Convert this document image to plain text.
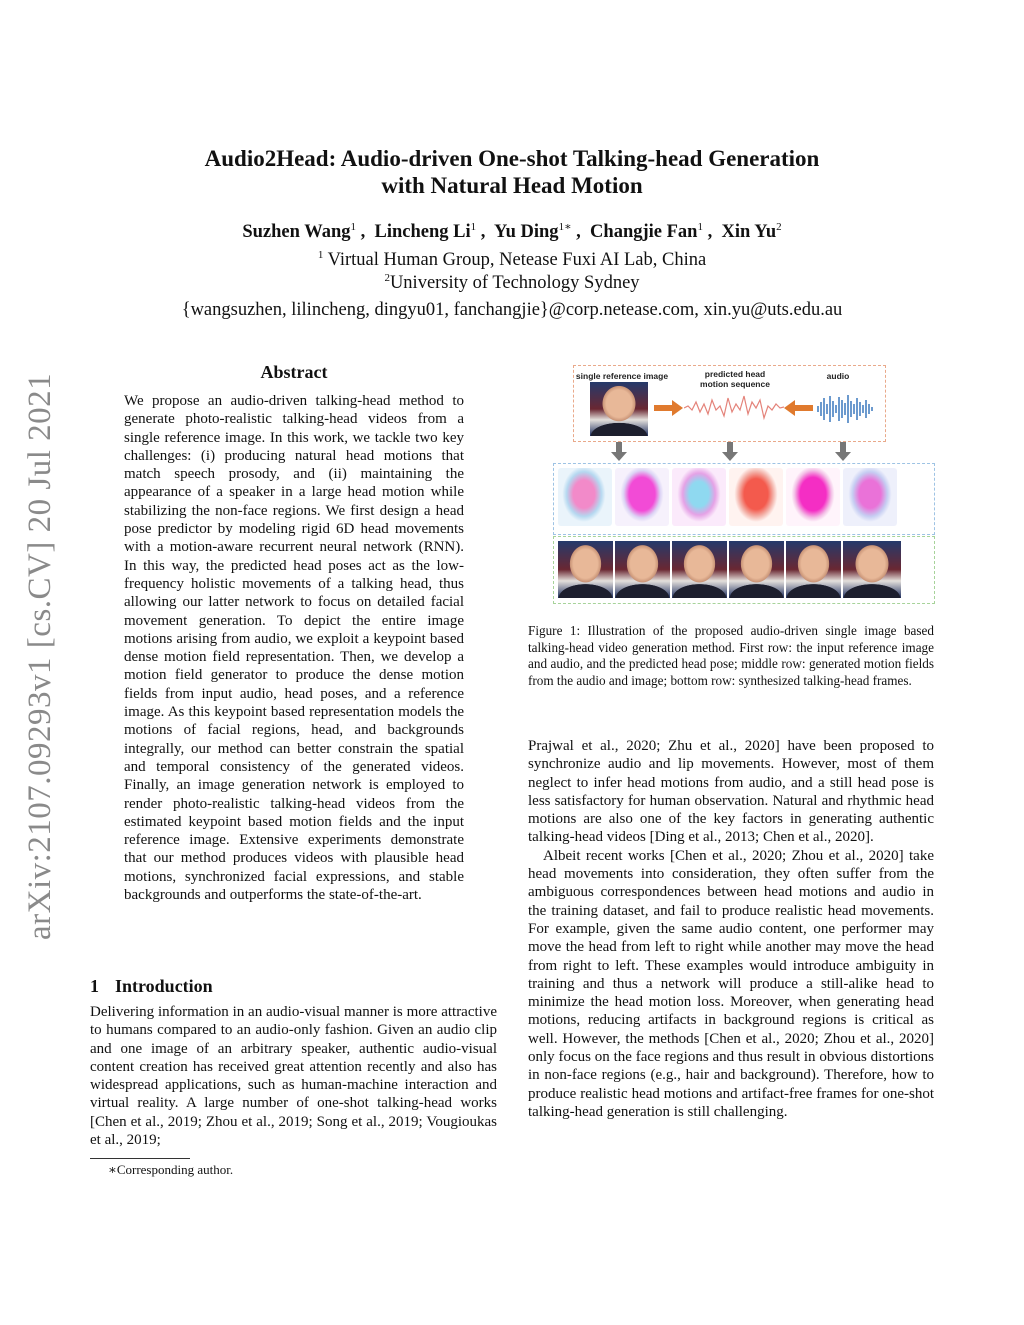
arXiv:2107.09293v1 [cs.CV] 20 Jul 2021
Audio2Head: Audio-driven One-shot Talking-head Generation
with Natural Head Motion
Suzhen Wang$^1$ ,  Lincheng Li$^1$ ,  Yu Ding$^{1∗}$ ,  Changjie Fan$^1$ ,  Xin Yu$^2$
$^1$ Virtual Human Group, Netease Fuxi AI Lab, China
$^2$University of Technology Sydney
{wangsuzhen, lilincheng, dingyu01, fanchangjie}@corp.netease.com, xin.yu@uts.edu.au
Abstract
We propose an audio-driven talking-head method to generate photo-realistic talking-head videos from a single reference image. In this work, we tackle two key challenges: (i) producing natural head motions that match speech prosody, and (ii) maintaining the appearance of a speaker in a large head motion while stabilizing the non-face regions. We first design a head pose predictor by modeling rigid 6D head movements with a motion-aware recurrent neural network (RNN). In this way, the predicted head poses act as the low-frequency holistic movements of a talking head, thus allowing our latter network to focus on detailed facial movement generation. To depict the entire image motions arising from audio, we exploit a keypoint based dense motion field representation. Then, we develop a motion field generator to produce the dense motion fields from input audio, head poses, and a reference image. As this keypoint based representation models the motions of facial regions, head, and backgrounds integrally, our method can better constrain the spatial and temporal consistency of the generated videos. Finally, an image generation network is employed to render photo-realistic talking-head videos from the estimated keypoint based motion fields and the input reference image. Extensive experiments demonstrate that our method produces videos with plausible head motions, synchronized facial expressions, and stable backgrounds and outperforms the state-of-the-art.
1 Introduction
Delivering information in an audio-visual manner is more attractive to humans compared to an audio-only fashion. Given an audio clip and one image of an arbitrary speaker, authentic audio-visual content creation has received great attention recently and also has widespread applications, such as human-machine interaction and virtual reality. A large number of one-shot talking-head works [Chen et al., 2019; Zhou et al., 2019; Song et al., 2019; Vougioukas et al., 2019;
∗Corresponding author.
single reference image	predicted head
motion sequence
audio
Figure 1: Illustration of the proposed audio-driven single image based talking-head video generation method. First row: the input reference image and audio, and the predicted head pose; middle row: generated motion fields from the audio and image; bottom row: synthesized talking-head frames.
Prajwal et al., 2020; Zhu et al., 2020] have been proposed to synchronize audio and lip movements. However, most of them neglect to infer head motions from audio, and a still head pose is less satisfactory for human observation. Natural and rhythmic head motions are also one of the key factors in generating authentic talking-head videos [Ding et al., 2013; Chen et al., 2020].
Albeit recent works [Chen et al., 2020; Zhou et al., 2020] take head movements into consideration, they often suffer from the ambiguous correspondences between head motions and audio in the training dataset, and fail to produce realistic head movements. For example, given the same audio content, one performer may move the head from left to right while another may move the head from right to left. These examples would introduce ambiguity in training and thus a network will produce a still-alike head to minimize the head motion loss. Moreover, when generating head motions, reducing artifacts in background regions is critical as well. However, the methods [Chen et al., 2020; Zhou et al., 2020] only focus on the face regions and thus result in obvious distortions in non-face regions (e.g., hair and background). Therefore, how to produce realistic head motions and artifact-free frames for one-shot talking-head generation is still challenging.
